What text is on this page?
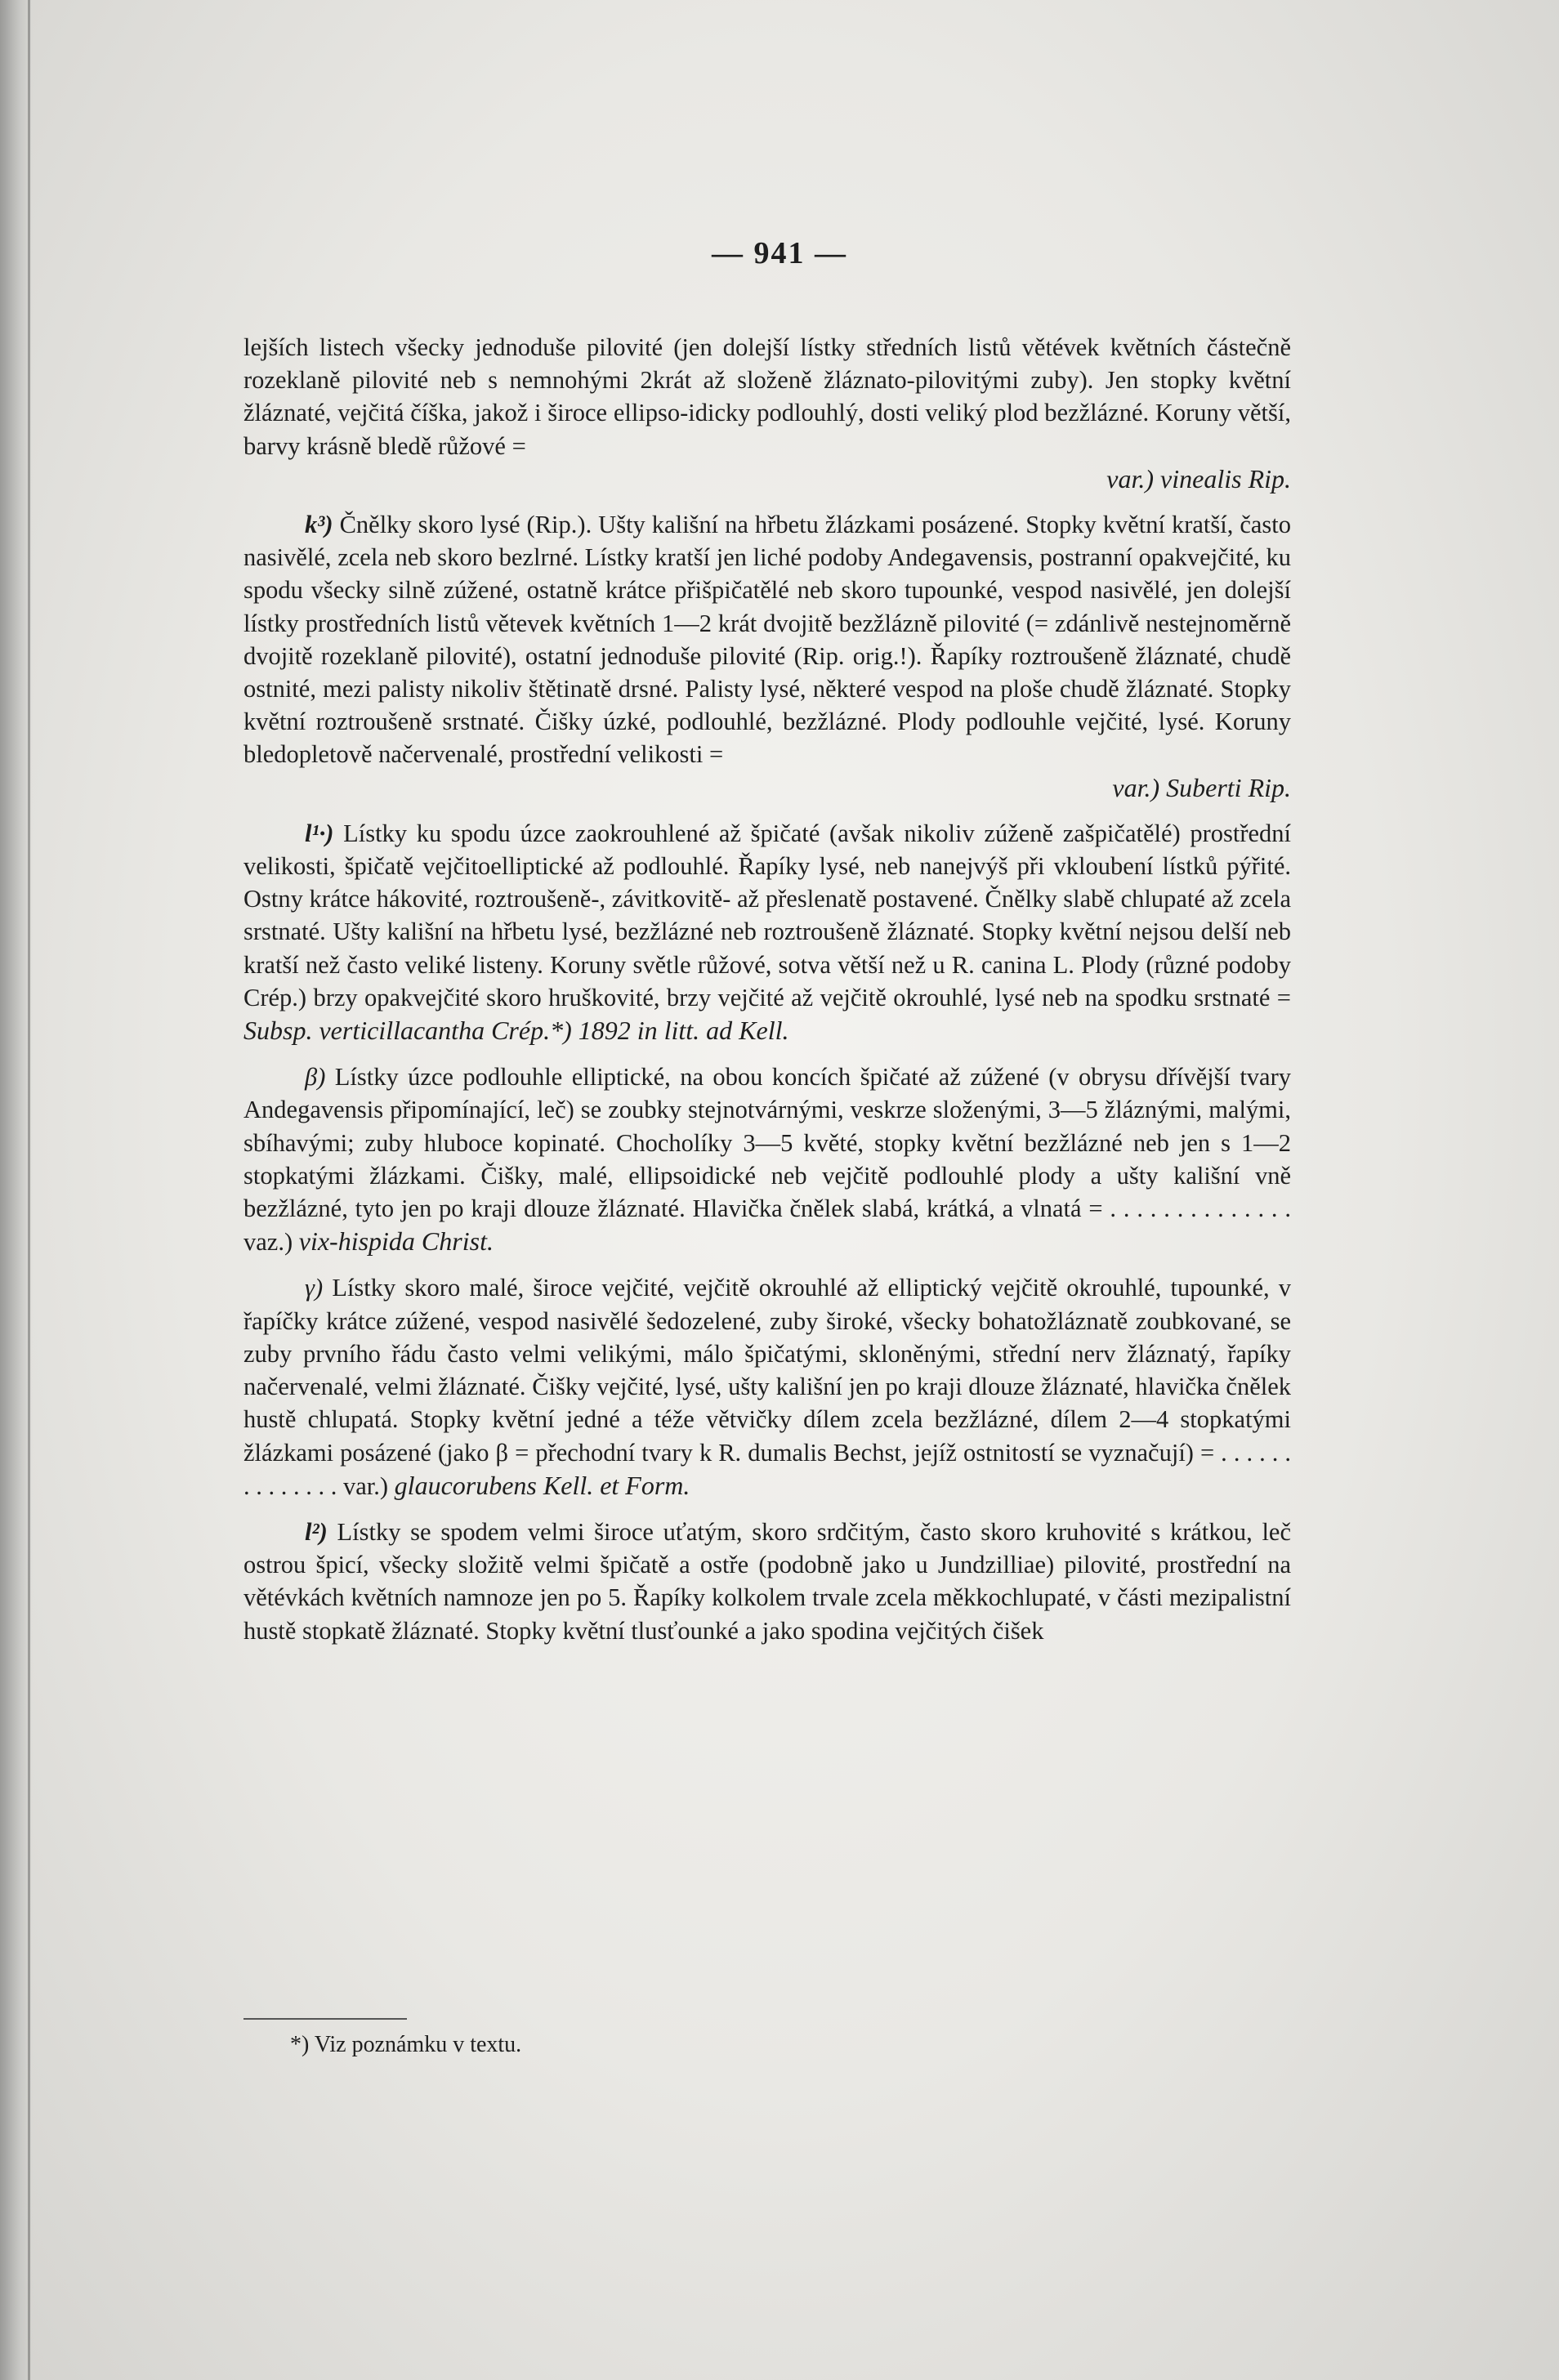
— 941 —

lejších listech všecky jednoduše pilovité (jen dolejší lístky středních listů větévek květních částečně rozeklaně pilovité neb s nemnohými 2krát až složeně žláznato-pilovitými zuby). Jen stopky květní žláznaté, vejčitá číška, jakož i široce ellipso-idicky podlouhlý, dosti veliký plod bezžlázné. Koruny větší, barvy krásně bledě růžové =
var.) vinealis Rip.

k³) Čnělky skoro lysé (Rip.). Ušty kališní na hřbetu žlázkami posázené. Stopky květní kratší, často nasivělé, zcela neb skoro bezlrné. Lístky kratší jen liché podoby Andegavensis, postranní opakvejčité, ku spodu všecky silně zúžené, ostatně krátce přišpičatělé neb skoro tupounké, vespod nasivělé, jen dolejší lístky prostředních listů větevek květních 1—2 krát dvojitě bezžlázně pilovité (= zdánlivě nestejnoměrně dvojitě rozeklaně pilovité), ostatní jednoduše pilovité (Rip. orig.!). Řapíky roztroušeně žláznaté, chudě ostnité, mezi palisty nikoliv štětinatě drsné. Palisty lysé, některé vespod na ploše chudě žláznaté. Stopky květní roztroušeně srstnaté. Čišky úzké, podlouhlé, bezžlázné. Plody podlouhle vejčité, lysé. Koruny bledopletově načervenalé, prostřední velikosti =
var.) Suberti Rip.

l¹·) Lístky ku spodu úzce zaokrouhlené až špičaté (avšak nikoliv zúženě zašpičatělé) prostřední velikosti, špičatě vejčitoelliptické až podlouhlé. Řapíky lysé, neb nanejvýš při vkloubení lístků pýřité. Ostny krátce hákovité, roztroušeně-, závitkovitě- až přeslenatě postavené. Čnělky slabě chlupaté až zcela srstnaté. Ušty kališní na hřbetu lysé, bezžlázné neb roztroušeně žláznaté. Stopky květní nejsou delší neb kratší než často veliké listeny. Koruny světle růžové, sotva větší než u R. canina L. Plody (různé podoby Crép.) brzy opakvejčité skoro hruškovité, brzy vejčité až vejčitě okrouhlé, lysé neb na spodku srstnaté = Subsp. verticillacantha Crép.*) 1892 in litt. ad Kell.

β) Lístky úzce podlouhle elliptické, na obou koncích špičaté až zúžené (v obrysu dřívější tvary Andegavensis připomínající, leč) se zoubky stejnotvárnými, veskrze složenými, 3—5 žláznými, malými, sbíhavými; zuby hluboce kopinaté. Chocholíky 3—5 květé, stopky květní bezžlázné neb jen s 1—2 stopkatými žlázkami. Čišky, malé, ellipsoidické neb vejčitě podlouhlé plody a ušty kališní vně bezžlázné, tyto jen po kraji dlouze žláznaté. Hlavička čnělek slabá, krátká, a vlnatá = . . . . . . . . . . . . . . vaz.) vix-hispida Christ.

γ) Lístky skoro malé, široce vejčité, vejčitě okrouhlé až elliptický vejčitě okrouhlé, tupounké, v řapíčky krátce zúžené, vespod nasivělé šedozelené, zuby široké, všecky bohatožláznatě zoubkované, se zuby prvního řádu často velmi velikými, málo špičatými, skloněnými, střední nerv žláznatý, řapíky načervenalé, velmi žláznaté. Čišky vejčité, lysé, ušty kališní jen po kraji dlouze žláznaté, hlavička čnělek hustě chlupatá. Stopky květní jedné a téže větvičky dílem zcela bezžlázné, dílem 2—4 stopkatými žlázkami posázené (jako β = přechodní tvary k R. dumalis Bechst, jejíž ostnitostí se vyznačují) = . . . . . . . . . . . . . . var.) glaucorubens Kell. et Form.

l²) Lístky se spodem velmi široce uťatým, skoro srdčitým, často skoro kruhovité s krátkou, leč ostrou špicí, všecky složitě velmi špičatě a ostře (podobně jako u Jundzilliae) pilovité, prostřední na větévkách květních namnoze jen po 5. Řapíky kolkolem trvale zcela měkkochlupaté, v části mezipalistní hustě stopkatě žláznaté. Stopky květní tlusťounké a jako spodina vejčitých čišek

*) Viz poznámku v textu.
